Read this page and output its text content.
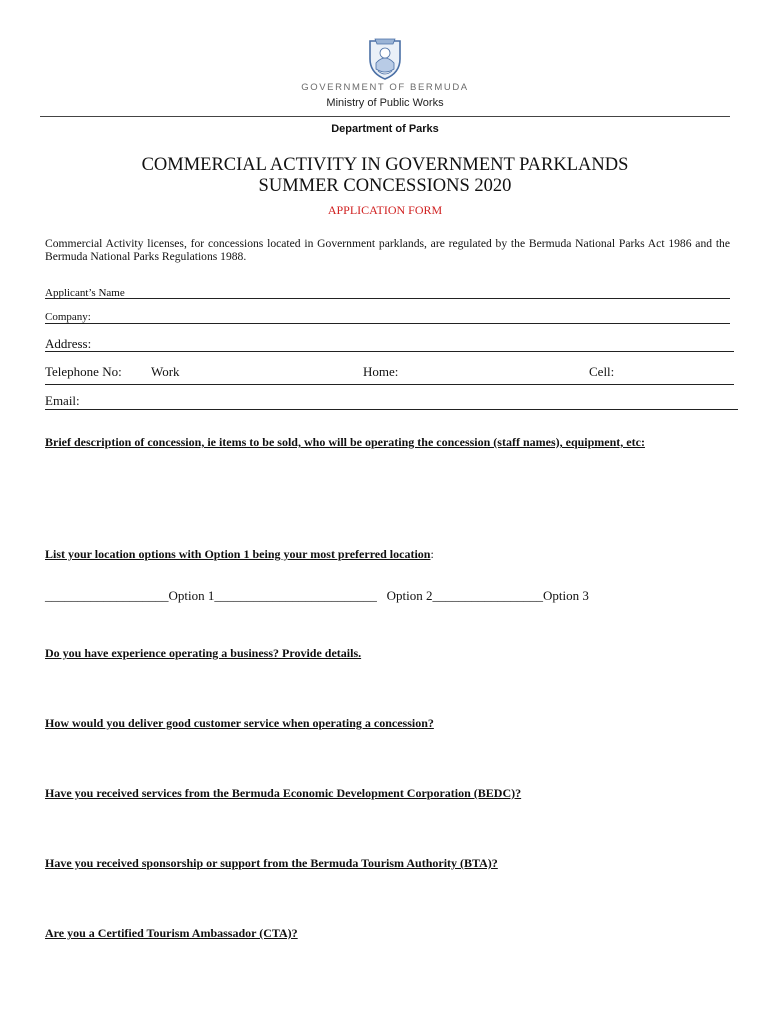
GOVERNMENT OF BERMUDA
Ministry of Public Works
Department of Parks
COMMERCIAL ACTIVITY IN GOVERNMENT PARKLANDS
SUMMER CONCESSIONS 2020
APPLICATION FORM
Commercial Activity licenses, for concessions located in Government parklands, are regulated by the Bermuda National Parks Act 1986 and the Bermuda National Parks Regulations 1988.
Applicant’s Name
Company:
Address:
Telephone No: Work	Home:	Cell:
Email:
Brief description of concession, ie items to be sold, who will be operating the concession (staff names), equipment, etc:
List your location options with Option 1 being your most preferred location:
___________________Option 1_________________________ Option 2_________________Option 3
Do you have experience operating a business? Provide details.
How would you deliver good customer service when operating a concession?
Have you received services from the Bermuda Economic Development Corporation (BEDC)?
Have you received sponsorship or support from the Bermuda Tourism Authority (BTA)?
Are you a Certified Tourism Ambassador (CTA)?
